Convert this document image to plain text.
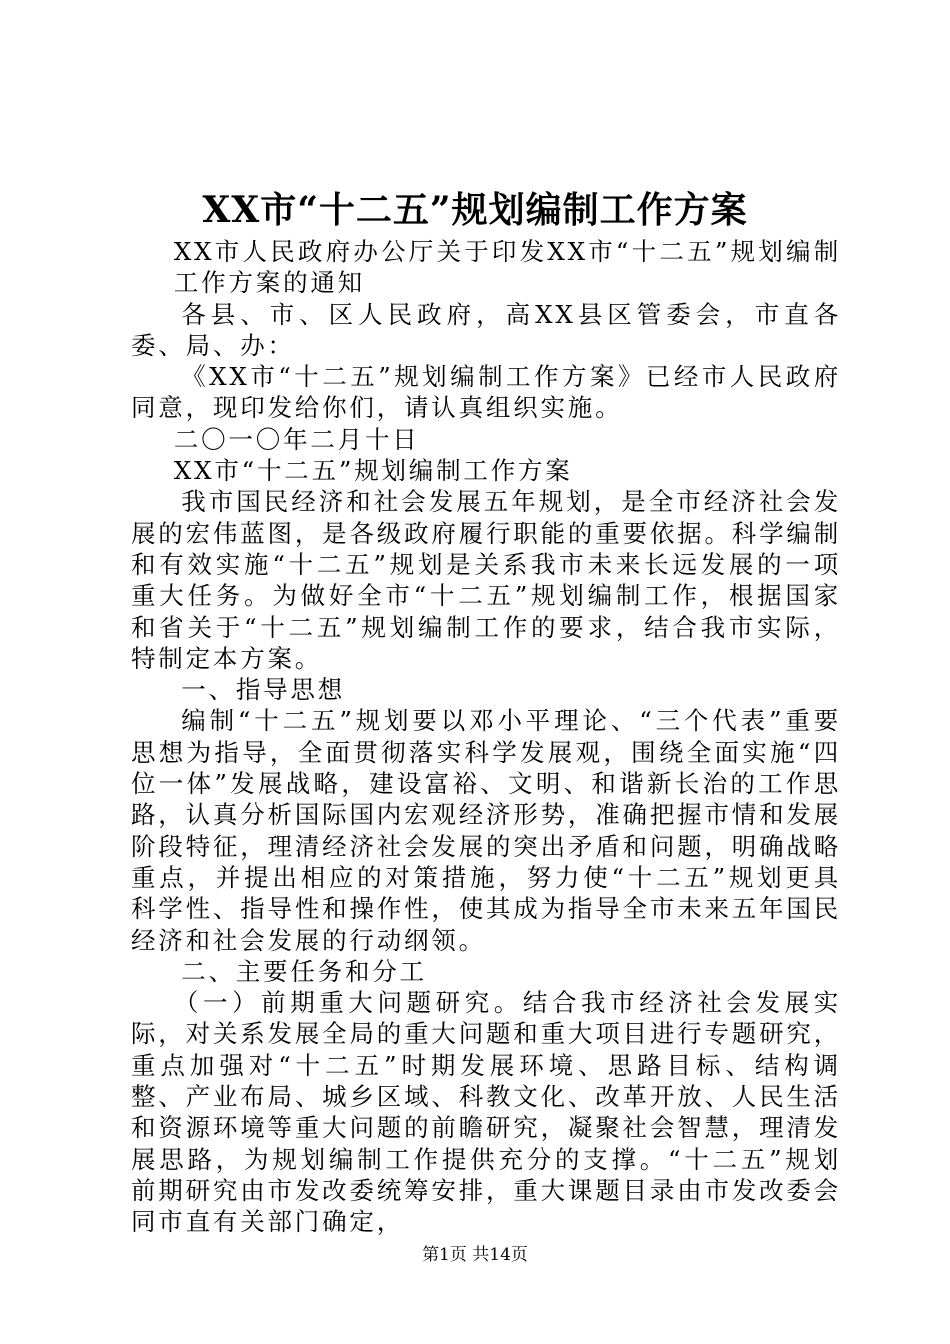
XX市“十二五”规划编制工作方案

XX市人民政府办公厅关于印发XX市“十二五”规划编制工作方案的通知

各县、市、区人民政府，高XX县区管委会，市直各委、局、办：

《XX市“十二五”规划编制工作方案》已经市人民政府同意，现印发给你们，请认真组织实施。

二〇一〇年二月十日

XX市“十二五”规划编制工作方案

我市国民经济和社会发展五年规划，是全市经济社会发展的宏伟蓝图，是各级政府履行职能的重要依据。科学编制和有效实施“十二五”规划是关系我市未来长远发展的一项重大任务。为做好全市“十二五”规划编制工作，根据国家和省关于“十二五”规划编制工作的要求，结合我市实际，特制定本方案。

一、指导思想

编制“十二五”规划要以邓小平理论、“三个代表”重要思想为指导，全面贯彻落实科学发展观，围绕全面实施“四位一体”发展战略，建设富裕、文明、和谐新长治的工作思路，认真分析国际国内宏观经济形势，准确把握市情和发展阶段特征，理清经济社会发展的突出矛盾和问题，明确战略重点，并提出相应的对策措施，努力使“十二五”规划更具科学性、指导性和操作性，使其成为指导全市未来五年国民经济和社会发展的行动纲领。

二、主要任务和分工

（一）前期重大问题研究。结合我市经济社会发展实际，对关系发展全局的重大问题和重大项目进行专题研究，重点加强对“十二五”时期发展环境、思路目标、结构调整、产业布局、城乡区域、科教文化、改革开放、人民生活和资源环境等重大问题的前瞻研究，凝聚社会智慧，理清发展思路，为规划编制工作提供充分的支撑。“十二五”规划前期研究由市发改委统筹安排，重大课题目录由市发改委会同市直有关部门确定，

第1页 共14页
